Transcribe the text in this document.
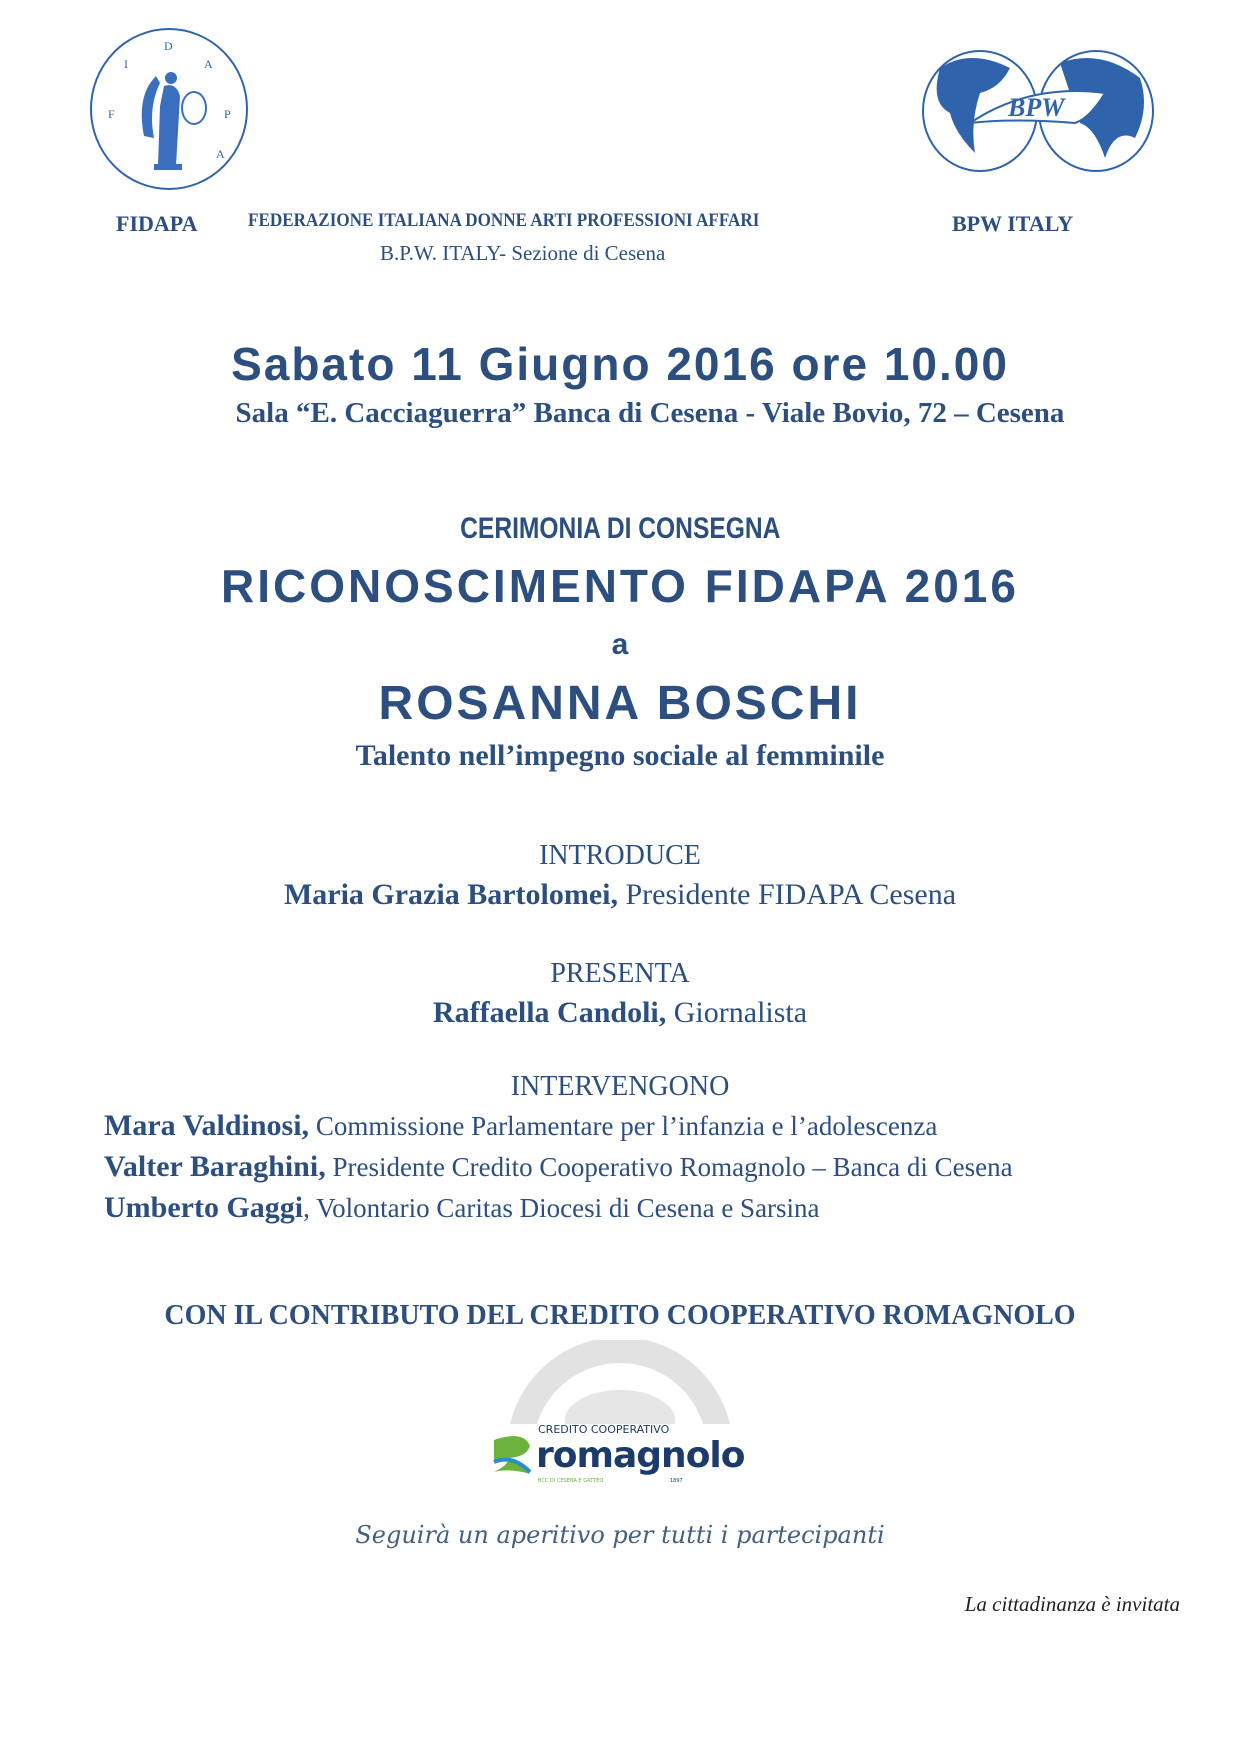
F
I
D
A
P
A
BPW
FIDAPA	FEDERAZIONE ITALIANA DONNE ARTI PROFESSIONI AFFARI
B.P.W. ITALY- Sezione di Cesena
BPW ITALY
Sabato 11 Giugno 2016 ore 10.00
Sala “E. Cacciaguerra” Banca di Cesena - Viale Bovio, 72 – Cesena
CERIMONIA DI CONSEGNA
RICONOSCIMENTO FIDAPA 2016
a
ROSANNA BOSCHI
Talento nell’impegno sociale al femminile
INTRODUCE
Maria Grazia Bartolomei, Presidente FIDAPA Cesena
PRESENTA
Raffaella Candoli, Giornalista
INTERVENGONO
Mara Valdinosi, Commissione Parlamentare per l’infanzia e l’adolescenza
Valter Baraghini, Presidente Credito Cooperativo Romagnolo – Banca di Cesena
Umberto Gaggi, Volontario Caritas Diocesi di Cesena e Sarsina
CON IL CONTRIBUTO DEL CREDITO COOPERATIVO ROMAGNOLO
CREDITO COOPERATIVO
romagnolo
BCC DI CESENA E GATTEO	1897
Seguirà un aperitivo per tutti i partecipanti
La cittadinanza è invitata
